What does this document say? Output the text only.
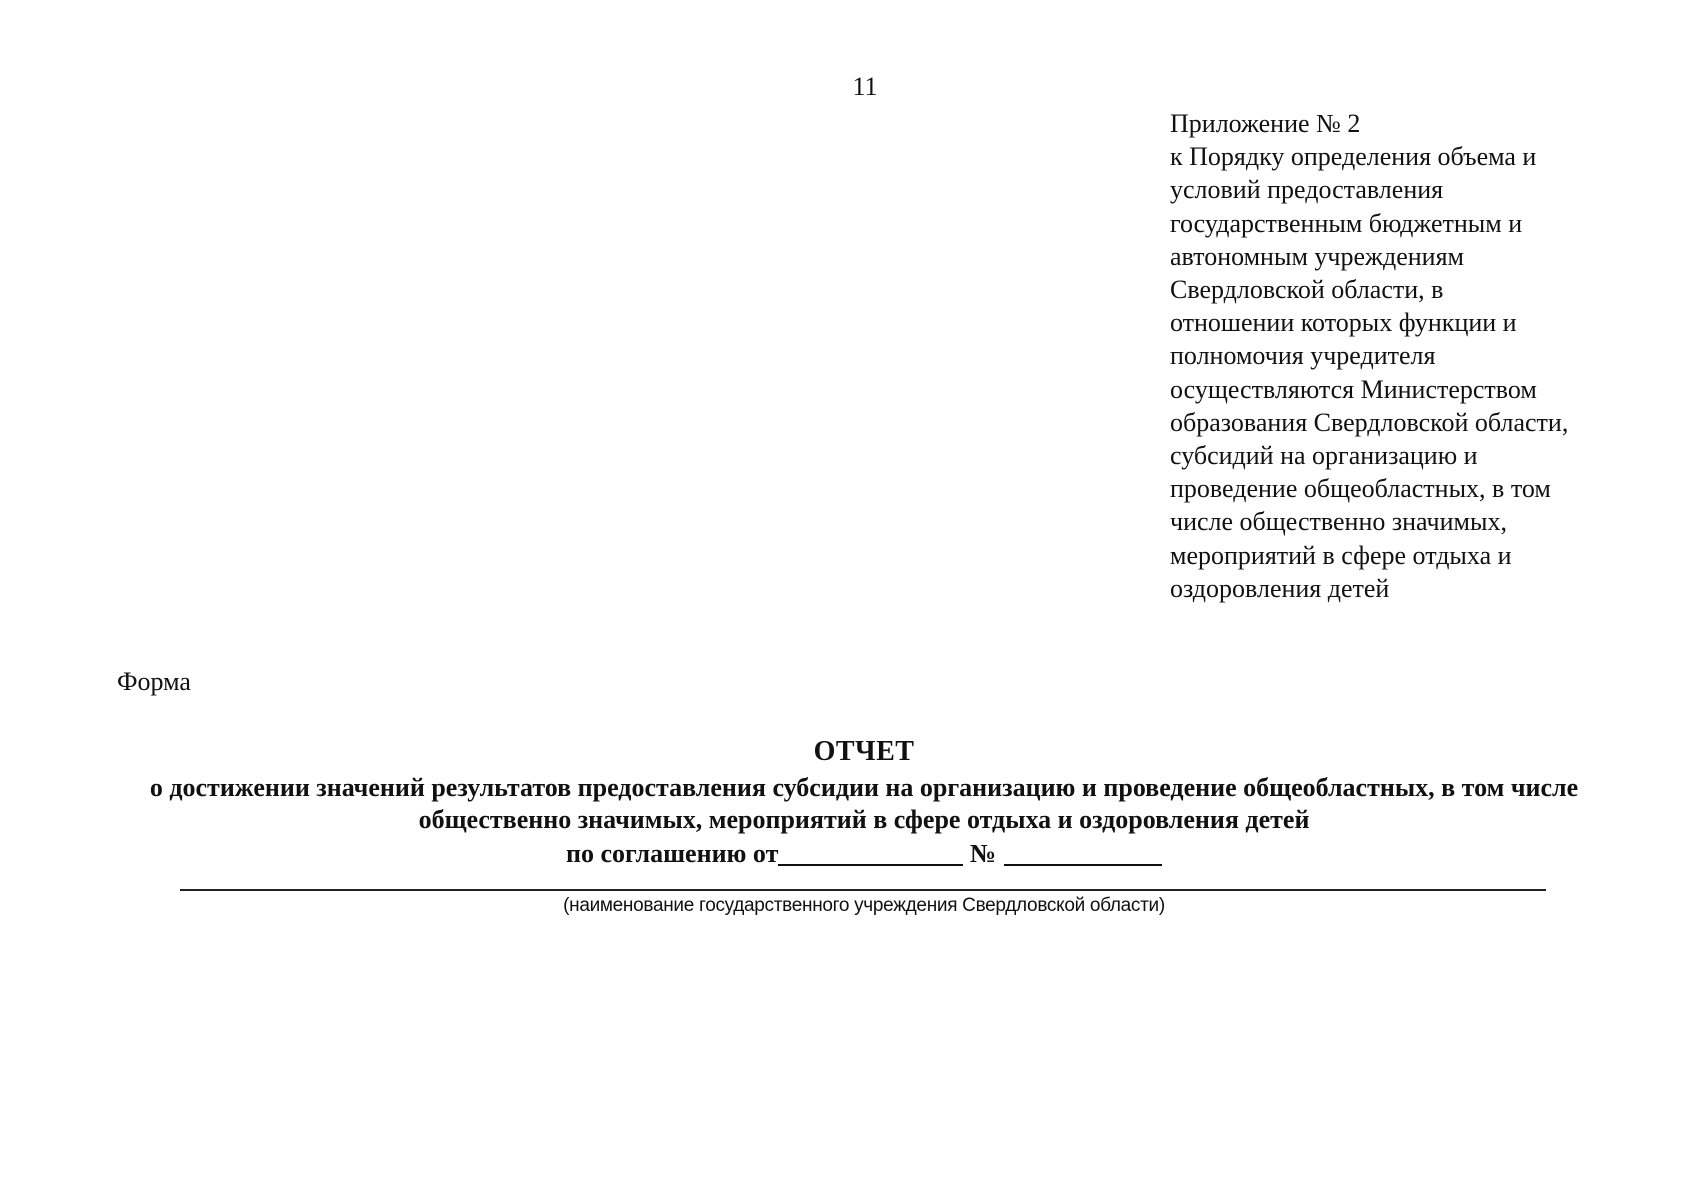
11
Приложение № 2
к Порядку определения объема и
условий предоставления
государственным бюджетным и
автономным учреждениям
Свердловской области, в
отношении которых функции и
полномочия учредителя
осуществляются Министерством
образования Свердловской области,
субсидий на организацию и
проведение общеобластных, в том
числе общественно значимых,
мероприятий в сфере отдыха и
оздоровления детей
Форма
ОТЧЕТ
о достижении значений результатов предоставления субсидии на организацию и проведение общеобластных, в том числе общественно значимых, мероприятий в сфере отдыха и оздоровления детей
по соглашению от	№
(наименование государственного учреждения Свердловской области)
